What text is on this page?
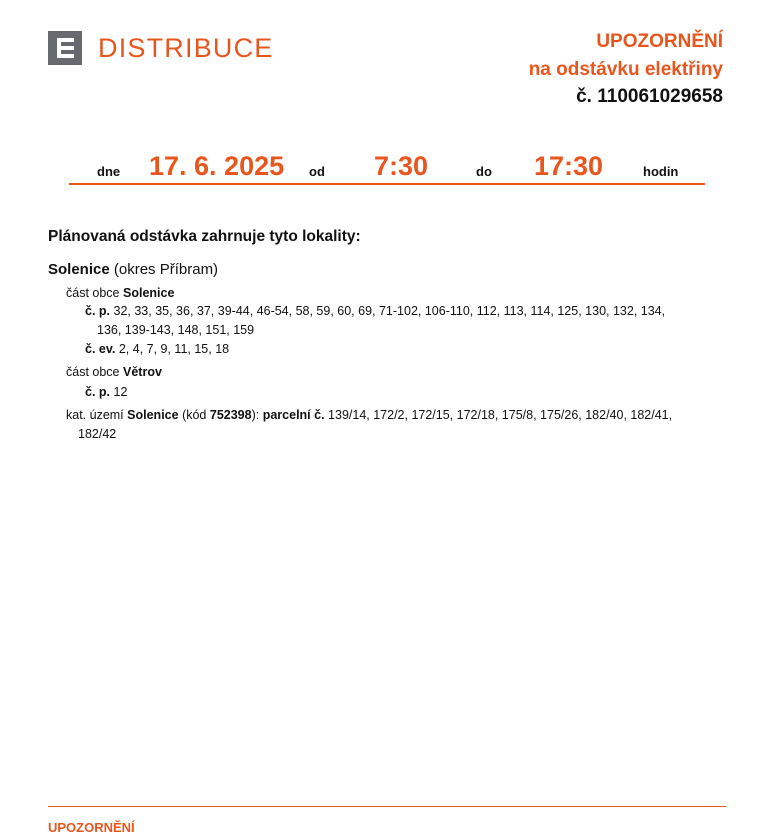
DISTRIBUCE	UPOZORNĚNÍ
na odstávku elektřiny
č. 110061029658
dne 17. 6. 2025 od 7:30	do 17:30	hodin
Plánovaná odstávka zahrnuje tyto lokality:
Solenice (okres Příbram)
část obce Solenice
č. p. 32, 33, 35, 36, 37, 39-44, 46-54, 58, 59, 60, 69, 71-102, 106-110, 112, 113, 114, 125, 130, 132, 134,
136, 139-143, 148, 151, 159
č. ev. 2, 4, 7, 9, 11, 15, 18
část obce Větrov
č. p. 12
kat. území Solenice (kód 752398): parcelní č. 139/14, 172/2, 172/15, 172/18, 175/8, 175/26, 182/40, 182/41,
182/42
UPOZORNĚNÍ
